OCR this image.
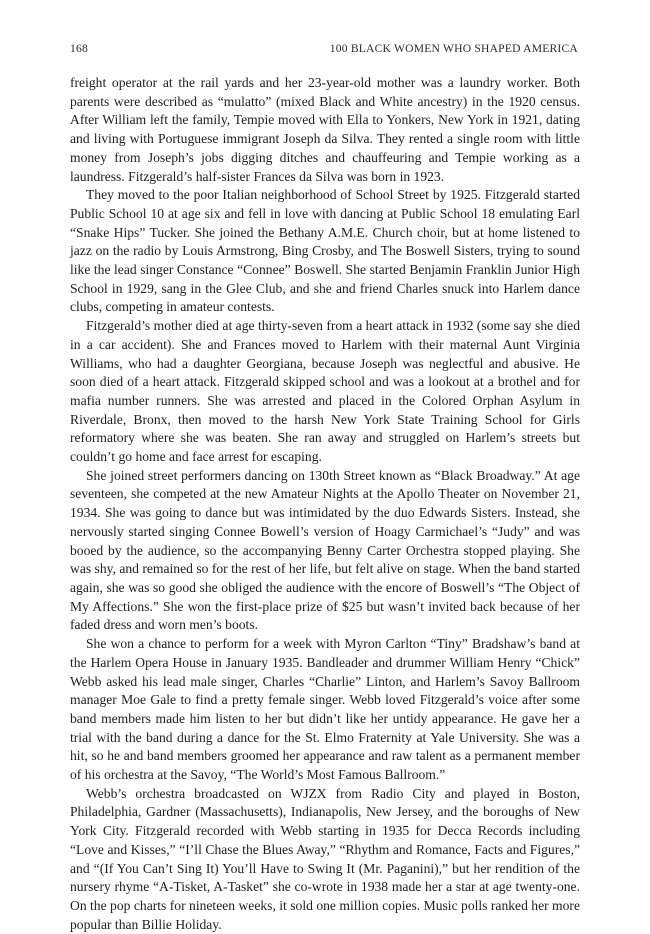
168	100 BLACK WOMEN WHO SHAPED AMERICA

freight operator at the rail yards and her 23-year-old mother was a laundry worker. Both parents were described as “mulatto” (mixed Black and White ancestry) in the 1920 census. After William left the family, Tempie moved with Ella to Yonkers, New York in 1921, dating and living with Portuguese immigrant Joseph da Silva. They rented a single room with little money from Joseph’s jobs digging ditches and chauffeuring and Tempie working as a laundress. Fitzgerald’s half-sister Frances da Silva was born in 1923.

They moved to the poor Italian neighborhood of School Street by 1925. Fitzgerald started Public School 10 at age six and fell in love with dancing at Public School 18 emulating Earl “Snake Hips” Tucker. She joined the Bethany A.M.E. Church choir, but at home listened to jazz on the radio by Louis Armstrong, Bing Crosby, and The Boswell Sisters, trying to sound like the lead singer Constance “Connee” Boswell. She started Benjamin Franklin Junior High School in 1929, sang in the Glee Club, and she and friend Charles snuck into Harlem dance clubs, competing in amateur contests.

Fitzgerald’s mother died at age thirty-seven from a heart attack in 1932 (some say she died in a car accident). She and Frances moved to Harlem with their maternal Aunt Virginia Williams, who had a daughter Georgiana, because Joseph was neglectful and abusive. He soon died of a heart attack. Fitzgerald skipped school and was a lookout at a brothel and for mafia number runners. She was arrested and placed in the Colored Orphan Asylum in Riverdale, Bronx, then moved to the harsh New York State Training School for Girls reformatory where she was beaten. She ran away and struggled on Harlem’s streets but couldn’t go home and face arrest for escaping.

She joined street performers dancing on 130th Street known as “Black Broadway.” At age seventeen, she competed at the new Amateur Nights at the Apollo Theater on November 21, 1934. She was going to dance but was intimidated by the duo Edwards Sisters. Instead, she nervously started singing Connee Bowell’s version of Hoagy Carmichael’s “Judy” and was booed by the audience, so the accompanying Benny Carter Orchestra stopped playing. She was shy, and remained so for the rest of her life, but felt alive on stage. When the band started again, she was so good she obliged the audience with the encore of Boswell’s “The Object of My Affections.” She won the first-place prize of $25 but wasn’t invited back because of her faded dress and worn men’s boots.

She won a chance to perform for a week with Myron Carlton “Tiny” Bradshaw’s band at the Harlem Opera House in January 1935. Bandleader and drummer William Henry “Chick” Webb asked his lead male singer, Charles “Charlie” Linton, and Harlem’s Savoy Ballroom manager Moe Gale to find a pretty female singer. Webb loved Fitzgerald’s voice after some band members made him listen to her but didn’t like her untidy appearance. He gave her a trial with the band during a dance for the St. Elmo Fraternity at Yale University. She was a hit, so he and band members groomed her appearance and raw talent as a permanent member of his orchestra at the Savoy, “The World’s Most Famous Ballroom.”

Webb’s orchestra broadcasted on WJZX from Radio City and played in Boston, Philadelphia, Gardner (Massachusetts), Indianapolis, New Jersey, and the boroughs of New York City. Fitzgerald recorded with Webb starting in 1935 for Decca Records including “Love and Kisses,” “I’ll Chase the Blues Away,” “Rhythm and Romance, Facts and Figures,” and “(If You Can’t Sing It) You’ll Have to Swing It (Mr. Paganini),” but her rendition of the nursery rhyme “A-Tisket, A-Tasket” she co-wrote in 1938 made her a star at age twenty-one. On the pop charts for nineteen weeks, it sold one million copies. Music polls ranked her more popular than Billie Holiday.
